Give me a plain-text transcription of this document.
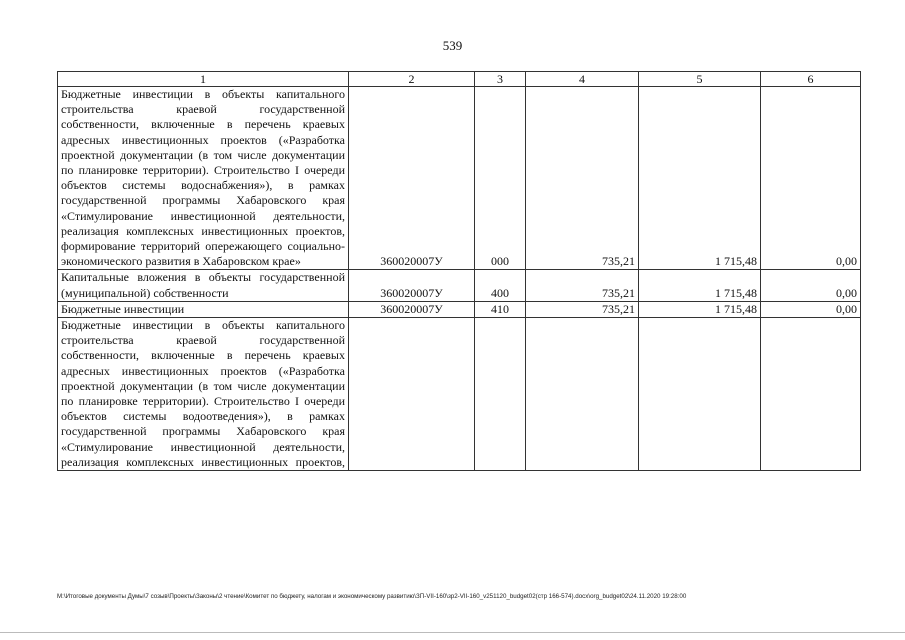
539
1	2	3	4	5	6
Бюджетные инвестиции в объекты капитального строительства краевой государственной собственности, включенные в перечень краевых адресных инвестиционных проектов («Разработка проектной документации (в том числе документации по планировке территории). Строительство I очереди объектов системы водоснабжения»), в рамках государственной программы Хабаровского края «Стимулирование инвестиционной деятельности, реализация комплексных инвестиционных проектов, формирование территорий опережающего социально-экономического развития в Хабаровском крае»	360020007У	000	735,21	1 715,48	0,00
Капитальные вложения в объекты государственной (муниципальной) собственности	360020007У	400	735,21	1 715,48	0,00
Бюджетные инвестиции	360020007У	410	735,21	1 715,48	0,00
Бюджетные инвестиции в объекты капитального строительства краевой государственной собственности, включенные в перечень краевых адресных инвестиционных проектов («Разработка проектной документации (в том числе документации по планировке территории). Строительство I очереди объектов системы водоотведения»), в рамках государственной программы Хабаровского края «Стимулирование инвестиционной деятельности, реализация комплексных инвестиционных проектов,					
M:\Итоговые документы Думы\7 созыв\Проекты\Законы\2 чтение\Комитет по бюджету, налогам и экономическому развитию\ЗП-VII-160\зр2-VII-160_v251120_budget02(стр 166-574).docx\org_budget02\24.11.2020 19:28:00
